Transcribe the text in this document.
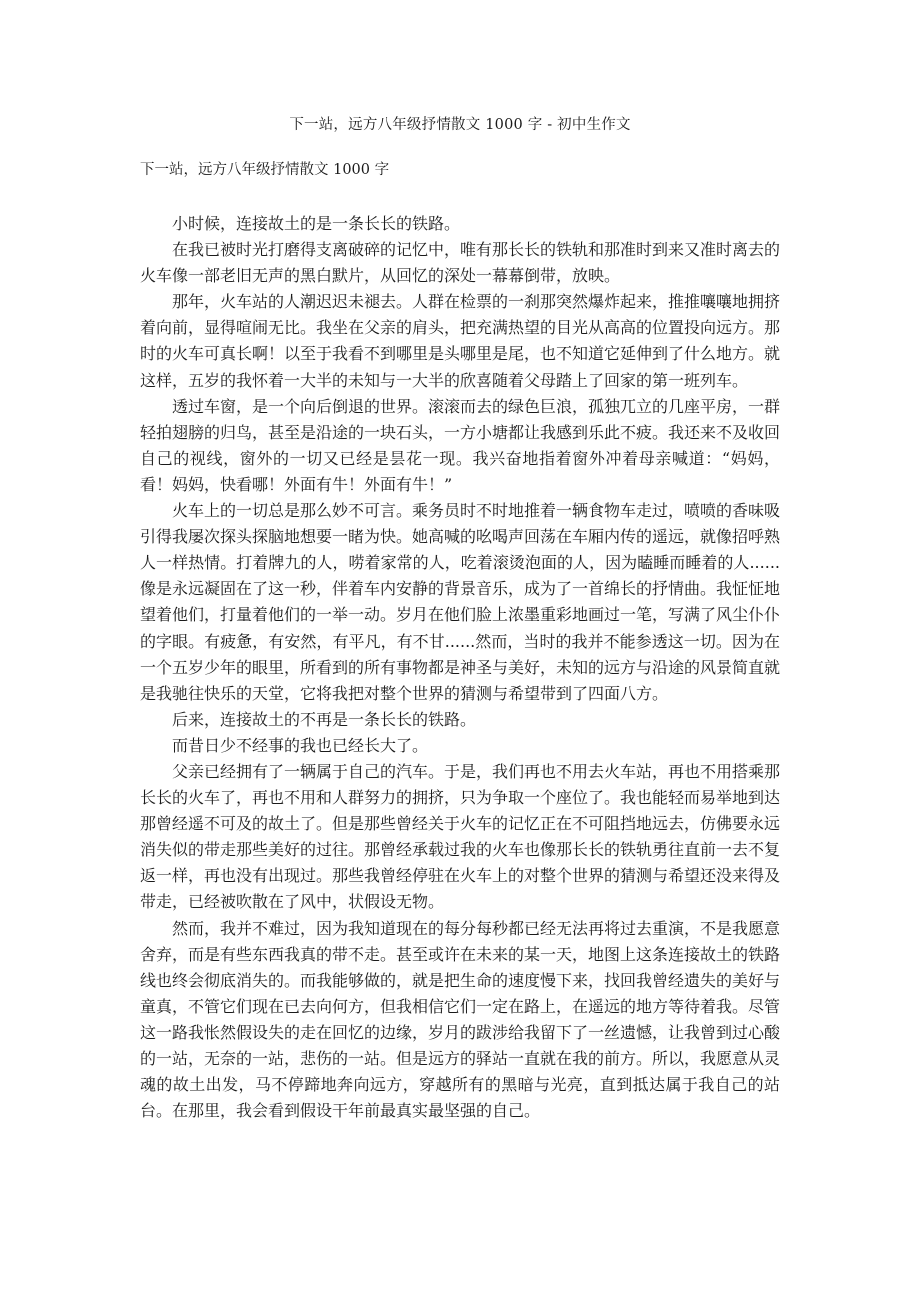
下一站，远方八年级抒情散文 1000 字 - 初中生作文
下一站，远方八年级抒情散文 1000 字

小时候，连接故土的是一条长长的铁路。

在我已被时光打磨得支离破碎的记忆中，唯有那长长的铁轨和那准时到来又准时离去的火车像一部老旧无声的黑白默片，从回忆的深处一幕幕倒带，放映。

那年，火车站的人潮迟迟未褪去。人群在检票的一刹那突然爆炸起来，推推嚷嚷地拥挤着向前，显得喧闹无比。我坐在父亲的肩头，把充满热望的目光从高高的位置投向远方。那时的火车可真长啊！以至于我看不到哪里是头哪里是尾，也不知道它延伸到了什么地方。就这样，五岁的我怀着一大半的未知与一大半的欣喜随着父母踏上了回家的第一班列车。

透过车窗，是一个向后倒退的世界。滚滚而去的绿色巨浪，孤独兀立的几座平房，一群轻拍翅膀的归鸟，甚至是沿途的一块石头，一方小塘都让我感到乐此不疲。我还来不及收回自己的视线，窗外的一切又已经是昙花一现。我兴奋地指着窗外冲着母亲喊道：“妈妈，看！妈妈，快看哪！外面有牛！外面有牛！”

火车上的一切总是那么妙不可言。乘务员时不时地推着一辆食物车走过，喷喷的香味吸引得我屡次探头探脑地想要一睹为快。她高喊的吆喝声回荡在车厢内传的遥远，就像招呼熟人一样热情。打着牌九的人，唠着家常的人，吃着滚烫泡面的人，因为瞌睡而睡着的人......像是永远凝固在了这一秒，伴着车内安静的背景音乐，成为了一首绵长的抒情曲。我怔怔地望着他们，打量着他们的一举一动。岁月在他们脸上浓墨重彩地画过一笔，写满了风尘仆仆的字眼。有疲惫，有安然，有平凡，有不甘......然而，当时的我并不能参透这一切。因为在一个五岁少年的眼里，所看到的所有事物都是神圣与美好，未知的远方与沿途的风景简直就是我驰往快乐的天堂，它将我把对整个世界的猜测与希望带到了四面八方。

后来，连接故土的不再是一条长长的铁路。

而昔日少不经事的我也已经长大了。

父亲已经拥有了一辆属于自己的汽车。于是，我们再也不用去火车站，再也不用搭乘那长长的火车了，再也不用和人群努力的拥挤，只为争取一个座位了。我也能轻而易举地到达那曾经遥不可及的故土了。但是那些曾经关于火车的记忆正在不可阻挡地远去，仿佛要永远消失似的带走那些美好的过往。那曾经承载过我的火车也像那长长的铁轨勇往直前一去不复返一样，再也没有出现过。那些我曾经停驻在火车上的对整个世界的猜测与希望还没来得及带走，已经被吹散在了风中，状假设无物。

然而，我并不难过，因为我知道现在的每分每秒都已经无法再将过去重演，不是我愿意舍弃，而是有些东西我真的带不走。甚至或许在未来的某一天，地图上这条连接故土的铁路线也终会彻底消失的。而我能够做的，就是把生命的速度慢下来，找回我曾经遗失的美好与童真，不管它们现在已去向何方，但我相信它们一定在路上，在遥远的地方等待着我。尽管这一路我怅然假设失的走在回忆的边缘，岁月的跋涉给我留下了一丝遗憾，让我曾到过心酸的一站，无奈的一站，悲伤的一站。但是远方的驿站一直就在我的前方。所以，我愿意从灵魂的故土出发，马不停蹄地奔向远方，穿越所有的黑暗与光亮，直到抵达属于我自己的站台。在那里，我会看到假设干年前最真实最坚强的自己。
